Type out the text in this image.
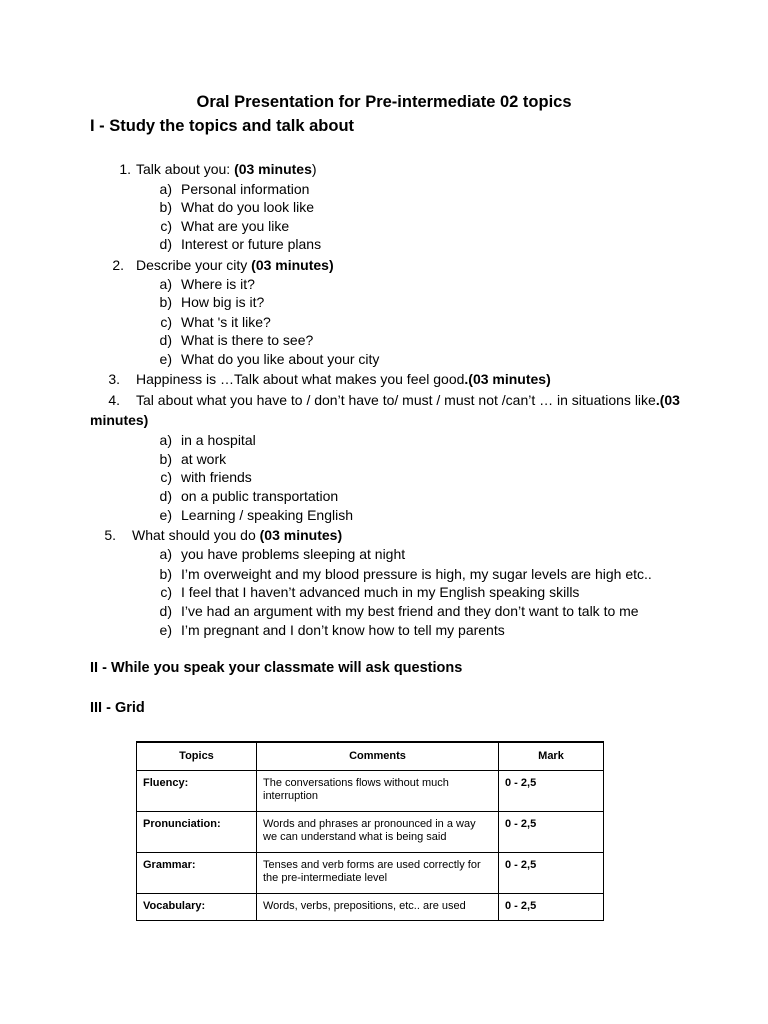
Oral Presentation for Pre-intermediate 02 topics
I - Study the topics and talk about
1. Talk about you: (03 minutes)
a) Personal information
b) What do you look like
c) What are you like
d) Interest or future plans
2. Describe your city (03 minutes)
a) Where is it?
b) How big is it?
c) What 's it like?
d) What is there to see?
e) What do you like about your city
3. Happiness is …Talk about what makes you feel good.(03 minutes)
4. Tal about what you have to / don’t have to/ must / must not /can’t … in situations like.(03
minutes)
a) in a hospital
b) at work
c) with friends
d) on a public transportation
e) Learning / speaking English
5. What should you do (03 minutes)
a) you have problems sleeping at night
b) I’m overweight and my blood pressure is high, my sugar levels are high etc..
c) I feel that I haven’t advanced much in my English speaking skills
d) I’ve had an argument with my best friend and they don’t want to talk to me
e) I’m pregnant and I don’t know how to tell my parents
II - While you speak your classmate will ask questions
III - Grid
Topics	Comments	Mark
Fluency:	The conversations flows without much interruption	0 - 2,5
Pronunciation:	Words and phrases ar pronounced in a way we can understand what is being said	0 - 2,5
Grammar:	Tenses and verb forms are used correctly for the pre-intermediate level	0 - 2,5
Vocabulary:	Words, verbs, prepositions, etc.. are used	0 - 2,5
